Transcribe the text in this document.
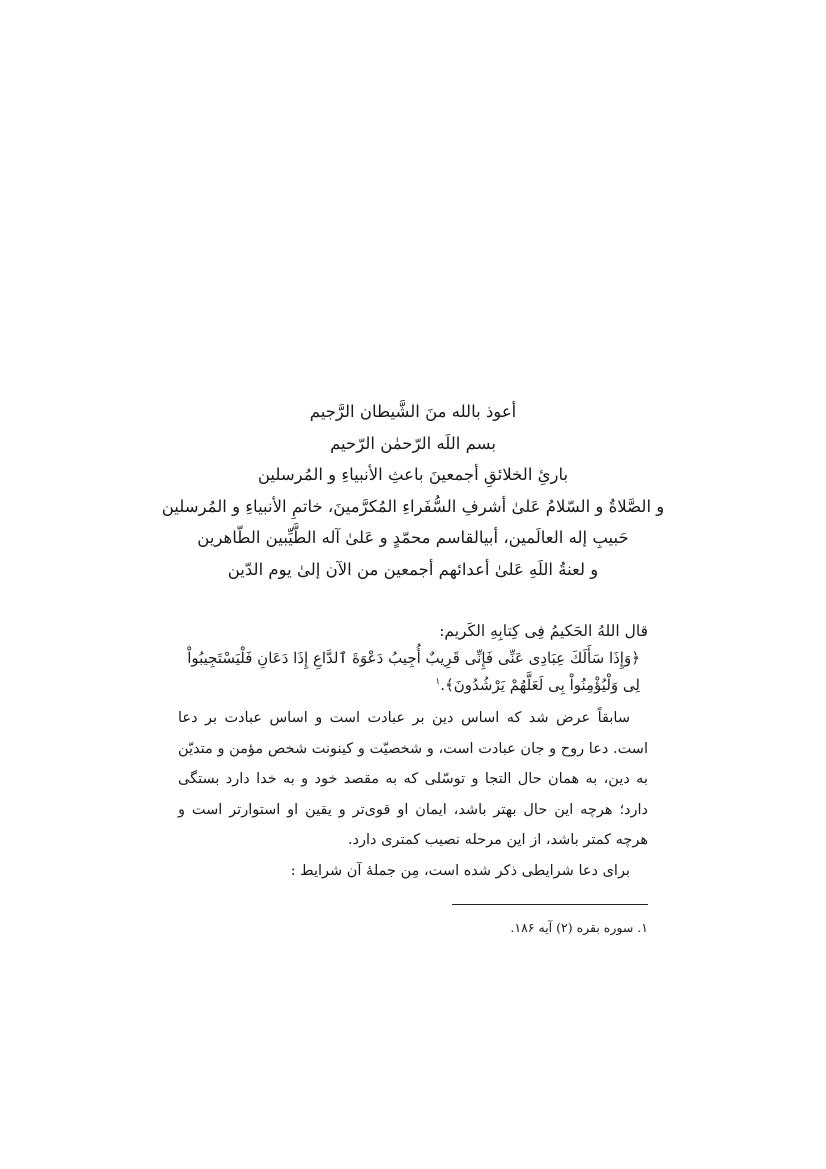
أعوذ بالله منَ الشَّيطان الرَّجيم
بسم اللَه الرّحمٰن الرّحيم
بارئِ الخلائقِ أجمعينَ باعثِ الأنبياءِ و المُرسلين
و الصَّلاةُ و السّلامُ عَلیٰ أشرفِ السُّفَراءِ المُكرَّمينَ، خاتمِ الأنبياءِ و المُرسلين
حَبيبِ إله العالَمين، أبیالقاسم محمّدٍ و عَلیٰ آله الطَّيِّبين الطّاهرين
و لعنةُ اللَهِ عَلیٰ أعدائهم أجمعين من الآن إلیٰ يوم الدّين
قال اللهُ الحَكيمُ فِی كِتابِهِ الكَريم:
﴿وَإِذَا سَأَلَكَ عِبَادِی عَنِّی فَإِنِّی قَرِيبٌ أُجِيبُ دَعْوَةَ ٱلدَّاعِ إِذَا دَعَانِ فَلْيَسْتَجِيبُواْ لِی وَلْيُؤْمِنُواْ بِی لَعَلَّهُمْ يَرْشُدُونَ﴾.$^۱$

سابقاً عرض شد كه اساس دين بر عبادت است و اساس عبادت بر دعا است. دعا روح و جان عبادت است، و شخصيّت و كينونت شخص مؤمن و متديّن به دين، به همان حال التجا و توسّلی كه به مقصد خود و به خدا دارد بستگی دارد؛ هرچه اين حال بهتر باشد، ايمان او قوی‌تر و يقين او استوارتر است و هرچه كمتر باشد، از اين مرحله نصيب كمتری دارد.

برای دعا شرايطی ذكر شده است، مِن جملهٔ آن شرايط :

۱. سوره بقره (۲) آيه ۱۸۶.
